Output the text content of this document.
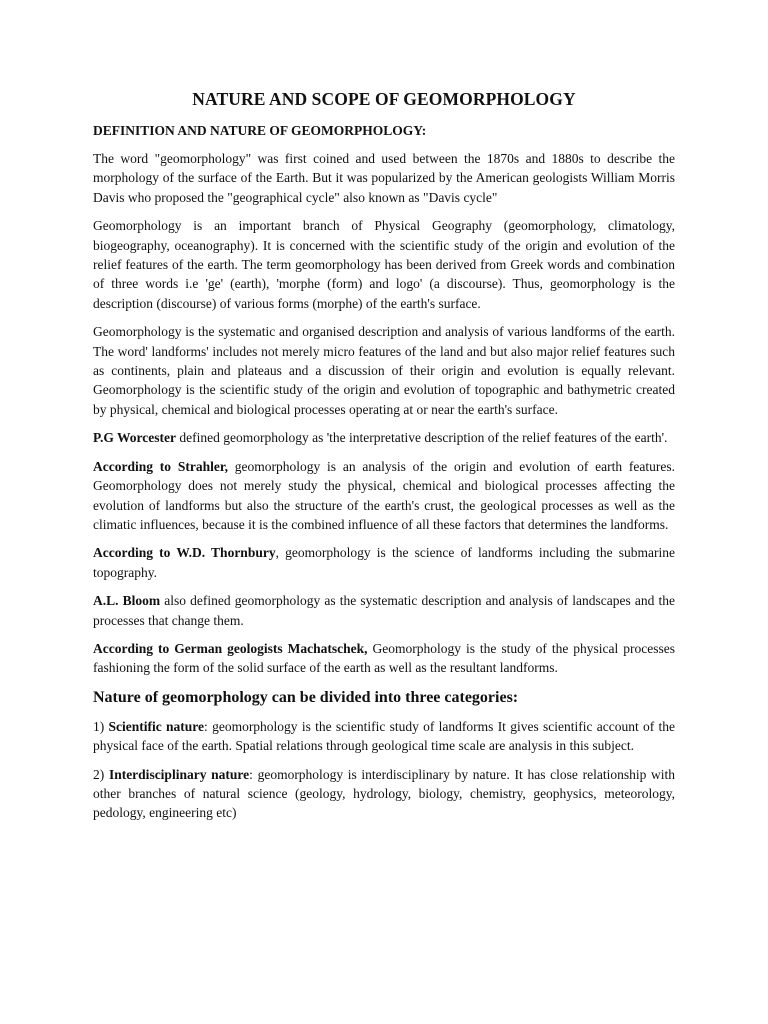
NATURE AND SCOPE OF GEOMORPHOLOGY
DEFINITION AND NATURE OF GEOMORPHOLOGY:

The word "geomorphology" was first coined and used between the 1870s and 1880s to describe the morphology of the surface of the Earth. But it was popularized by the American geologists William Morris Davis who proposed the "geographical cycle" also known as "Davis cycle"

Geomorphology is an important branch of Physical Geography (geomorphology, climatology, biogeography, oceanography). It is concerned with the scientific study of the origin and evolution of the relief features of the earth. The term geomorphology has been derived from Greek words and combination of three words i.e 'ge' (earth), 'morphe (form) and logo' (a discourse). Thus, geomorphology is the description (discourse) of various forms (morphe) of the earth's surface.

Geomorphology is the systematic and organised description and analysis of various landforms of the earth. The word' landforms' includes not merely micro features of the land and but also major relief features such as continents, plain and plateaus and a discussion of their origin and evolution is equally relevant. Geomorphology is the scientific study of the origin and evolution of topographic and bathymetric created by physical, chemical and biological processes operating at or near the earth's surface.

P.G Worcester defined geomorphology as 'the interpretative description of the relief features of the earth'.

According to Strahler, geomorphology is an analysis of the origin and evolution of earth features. Geomorphology does not merely study the physical, chemical and biological processes affecting the evolution of landforms but also the structure of the earth's crust, the geological processes as well as the climatic influences, because it is the combined influence of all these factors that determines the landforms.

According to W.D. Thornbury, geomorphology is the science of landforms including the submarine topography.

A.L. Bloom also defined geomorphology as the systematic description and analysis of landscapes and the processes that change them.

According to German geologists Machatschek, Geomorphology is the study of the physical processes fashioning the form of the solid surface of the earth as well as the resultant landforms.

Nature of geomorphology can be divided into three categories:

1) Scientific nature: geomorphology is the scientific study of landforms It gives scientific account of the physical face of the earth. Spatial relations through geological time scale are analysis in this subject.

2) Interdisciplinary nature: geomorphology is interdisciplinary by nature. It has close relationship with other branches of natural science (geology, hydrology, biology, chemistry, geophysics, meteorology, pedology, engineering etc)
